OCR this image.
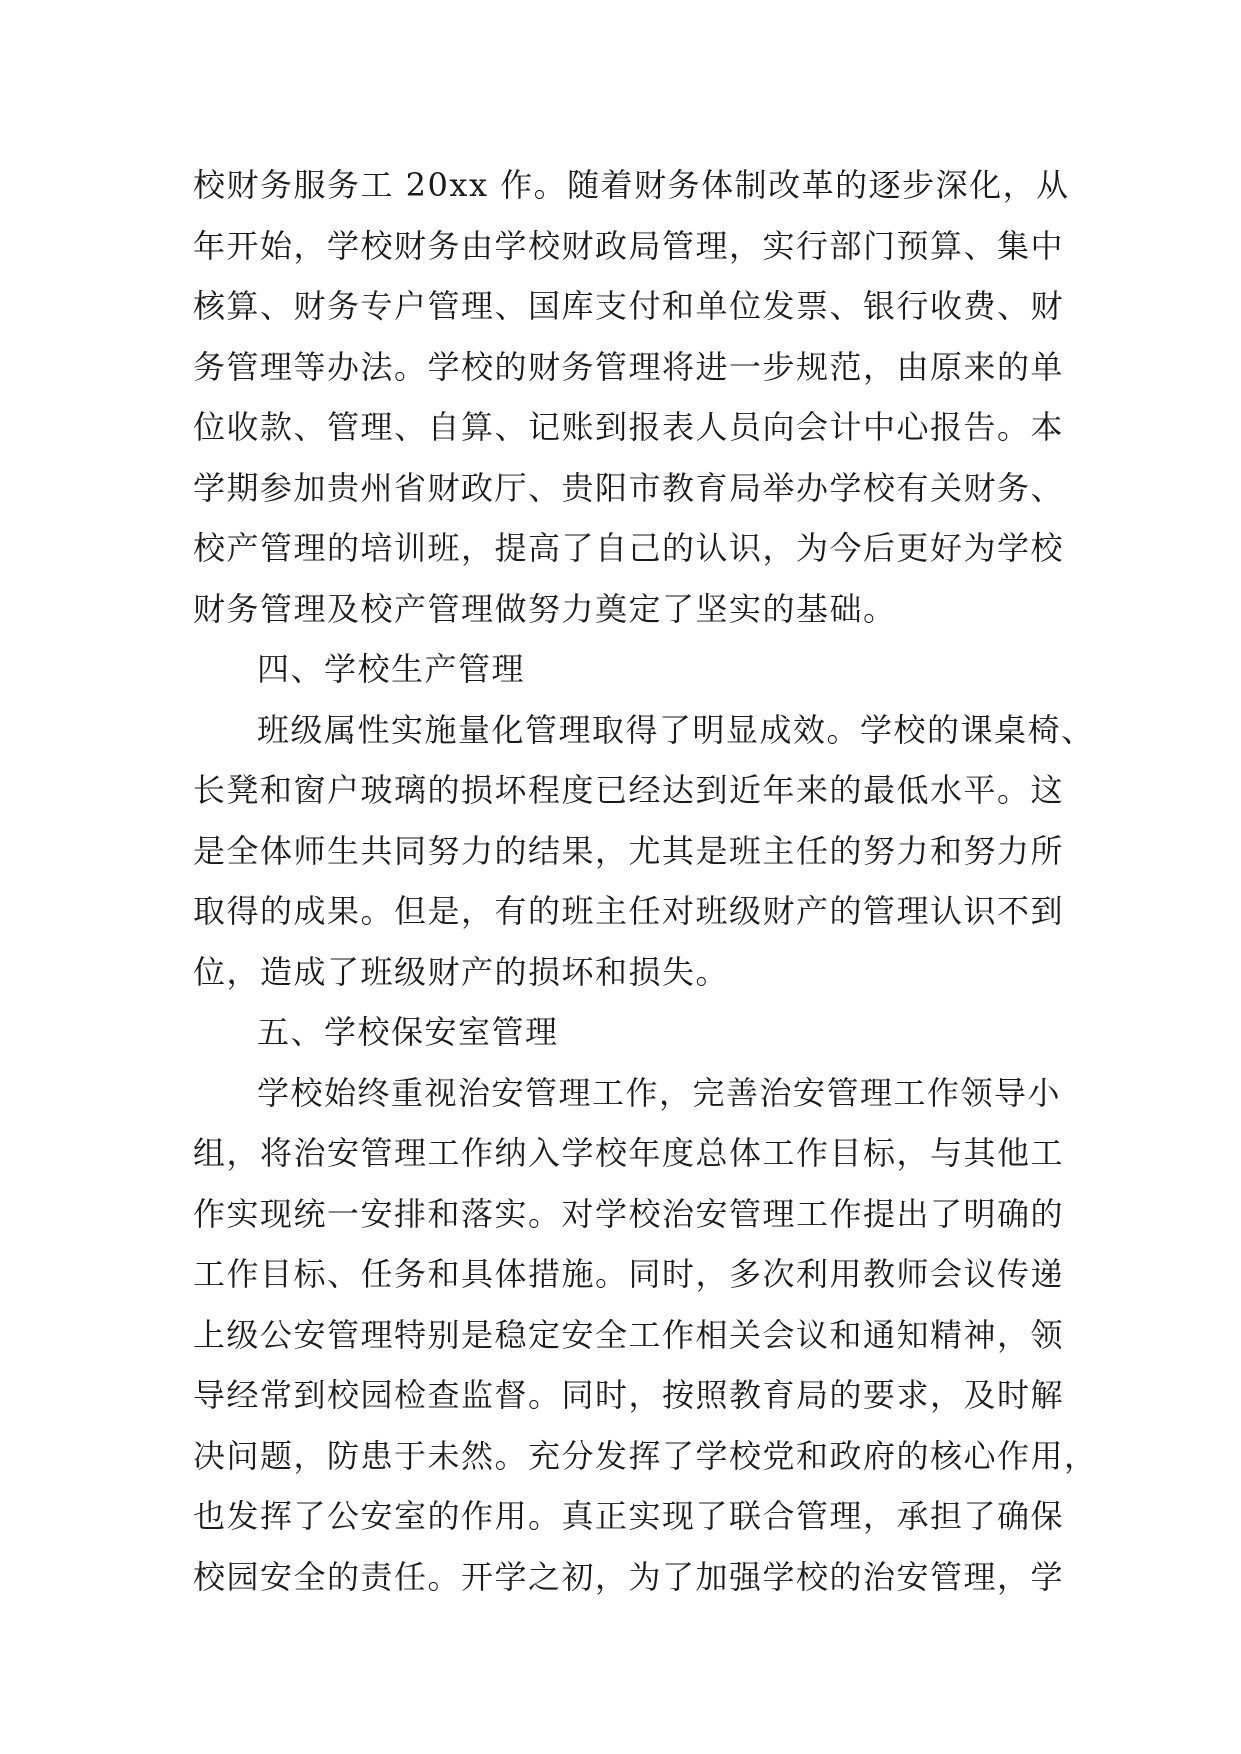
校财务服务工 20xx 作。随着财务体制改革的逐步深化，从
年开始，学校财务由学校财政局管理，实行部门预算、集中
核算、财务专户管理、国库支付和单位发票、银行收费、财
务管理等办法。学校的财务管理将进一步规范，由原来的单
位收款、管理、自算、记账到报表人员向会计中心报告。本
学期参加贵州省财政厅、贵阳市教育局举办学校有关财务、
校产管理的培训班，提高了自己的认识，为今后更好为学校
财务管理及校产管理做努力奠定了坚实的基础。
四、学校生产管理
班级属性实施量化管理取得了明显成效。学校的课桌椅、
长凳和窗户玻璃的损坏程度已经达到近年来的最低水平。这
是全体师生共同努力的结果，尤其是班主任的努力和努力所
取得的成果。但是，有的班主任对班级财产的管理认识不到
位，造成了班级财产的损坏和损失。
五、学校保安室管理
学校始终重视治安管理工作，完善治安管理工作领导小
组，将治安管理工作纳入学校年度总体工作目标，与其他工
作实现统一安排和落实。对学校治安管理工作提出了明确的
工作目标、任务和具体措施。同时，多次利用教师会议传递
上级公安管理特别是稳定安全工作相关会议和通知精神，领
导经常到校园检查监督。同时，按照教育局的要求，及时解
决问题，防患于未然。充分发挥了学校党和政府的核心作用，
也发挥了公安室的作用。真正实现了联合管理，承担了确保
校园安全的责任。开学之初，为了加强学校的治安管理，学
